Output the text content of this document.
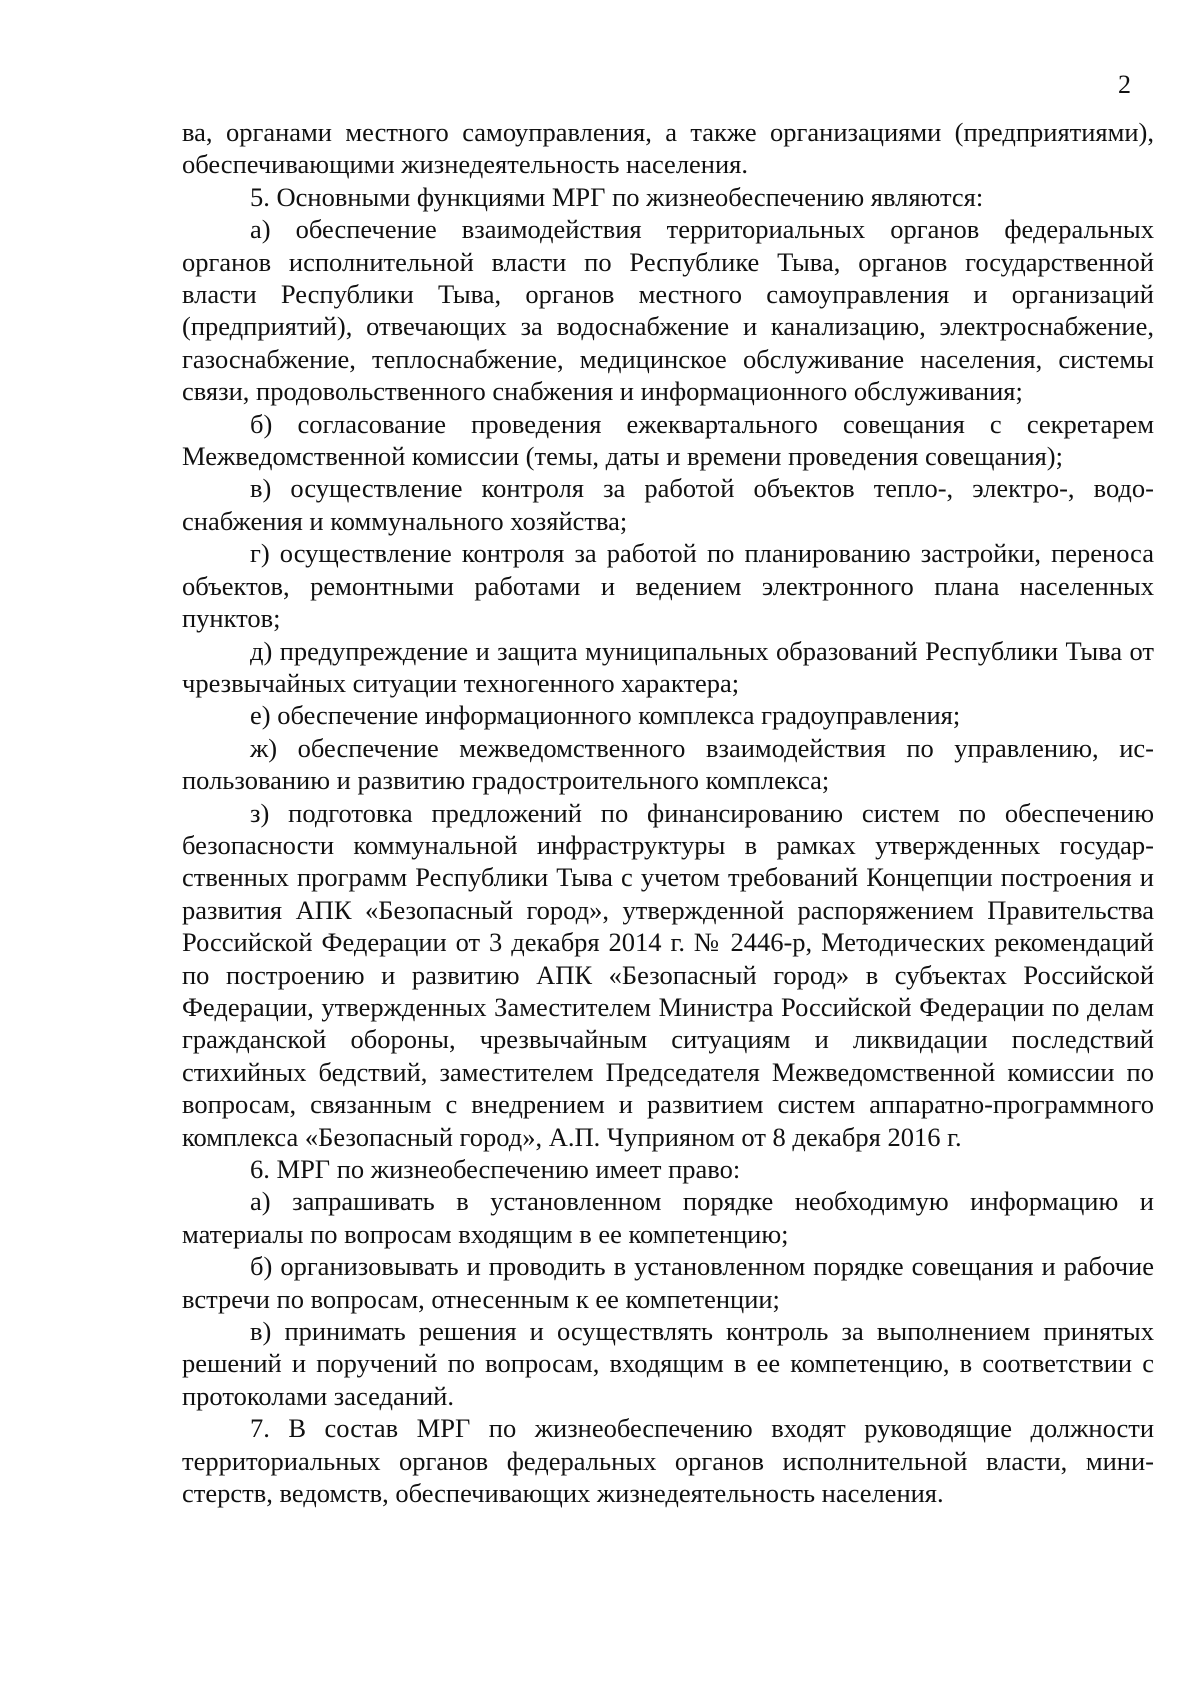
2

ва, органами местного самоуправления, а также организациями (предприятиями), обеспечивающими жизнедеятельность населения.

5. Основными функциями МРГ по жизнеобеспечению являются:

а) обеспечение взаимодействия территориальных органов федеральных органов исполнительной власти по Республике Тыва, органов государственной власти Республики Тыва, органов местного самоуправления и организаций (предприятий), отвечающих за водоснабжение и канализацию, электроснабжение, газоснабжение, теплоснабжение, медицинское обслуживание населения, системы связи, продовольственного снабжения и информационного обслуживания;

б) согласование проведения ежеквартального совещания с секретарем Межведомственной комиссии (темы, даты и времени проведения совещания);

в) осуществление контроля за работой объектов тепло-, электро-, водоснабжения и коммунального хозяйства;

г) осуществление контроля за работой по планированию застройки, переноса объектов, ремонтными работами и ведением электронного плана населенных пунктов;

д) предупреждение и защита муниципальных образований Республики Тыва от чрезвычайных ситуации техногенного характера;

е) обеспечение информационного комплекса градоуправления;

ж) обеспечение межведомственного взаимодействия по управлению, использованию и развитию градостроительного комплекса;

з) подготовка предложений по финансированию систем по обеспечению безопасности коммунальной инфраструктуры в рамках утвержденных государственных программ Республики Тыва с учетом требований Концепции построения и развития АПК «Безопасный город», утвержденной распоряжением Правительства Российской Федерации от 3 декабря 2014 г. № 2446-р, Методических рекомендаций по построению и развитию АПК «Безопасный город» в субъектах Российской Федерации, утвержденных Заместителем Министра Российской Федерации по делам гражданской обороны, чрезвычайным ситуациям и ликвидации последствий стихийных бедствий, заместителем Председателя Межведомственной комиссии по вопросам, связанным с внедрением и развитием систем аппаратно-программного комплекса «Безопасный город», А.П. Чуприяном от 8 декабря 2016 г.

6. МРГ по жизнеобеспечению имеет право:

а) запрашивать в установленном порядке необходимую информацию и материалы по вопросам входящим в ее компетенцию;

б) организовывать и проводить в установленном порядке совещания и рабочие встречи по вопросам, отнесенным к ее компетенции;

в) принимать решения и осуществлять контроль за выполнением принятых решений и поручений по вопросам, входящим в ее компетенцию, в соответствии с протоколами заседаний.

7. В состав МРГ по жизнеобеспечению входят руководящие должности территориальных органов федеральных органов исполнительной власти, министерств, ведомств, обеспечивающих жизнедеятельность населения.
